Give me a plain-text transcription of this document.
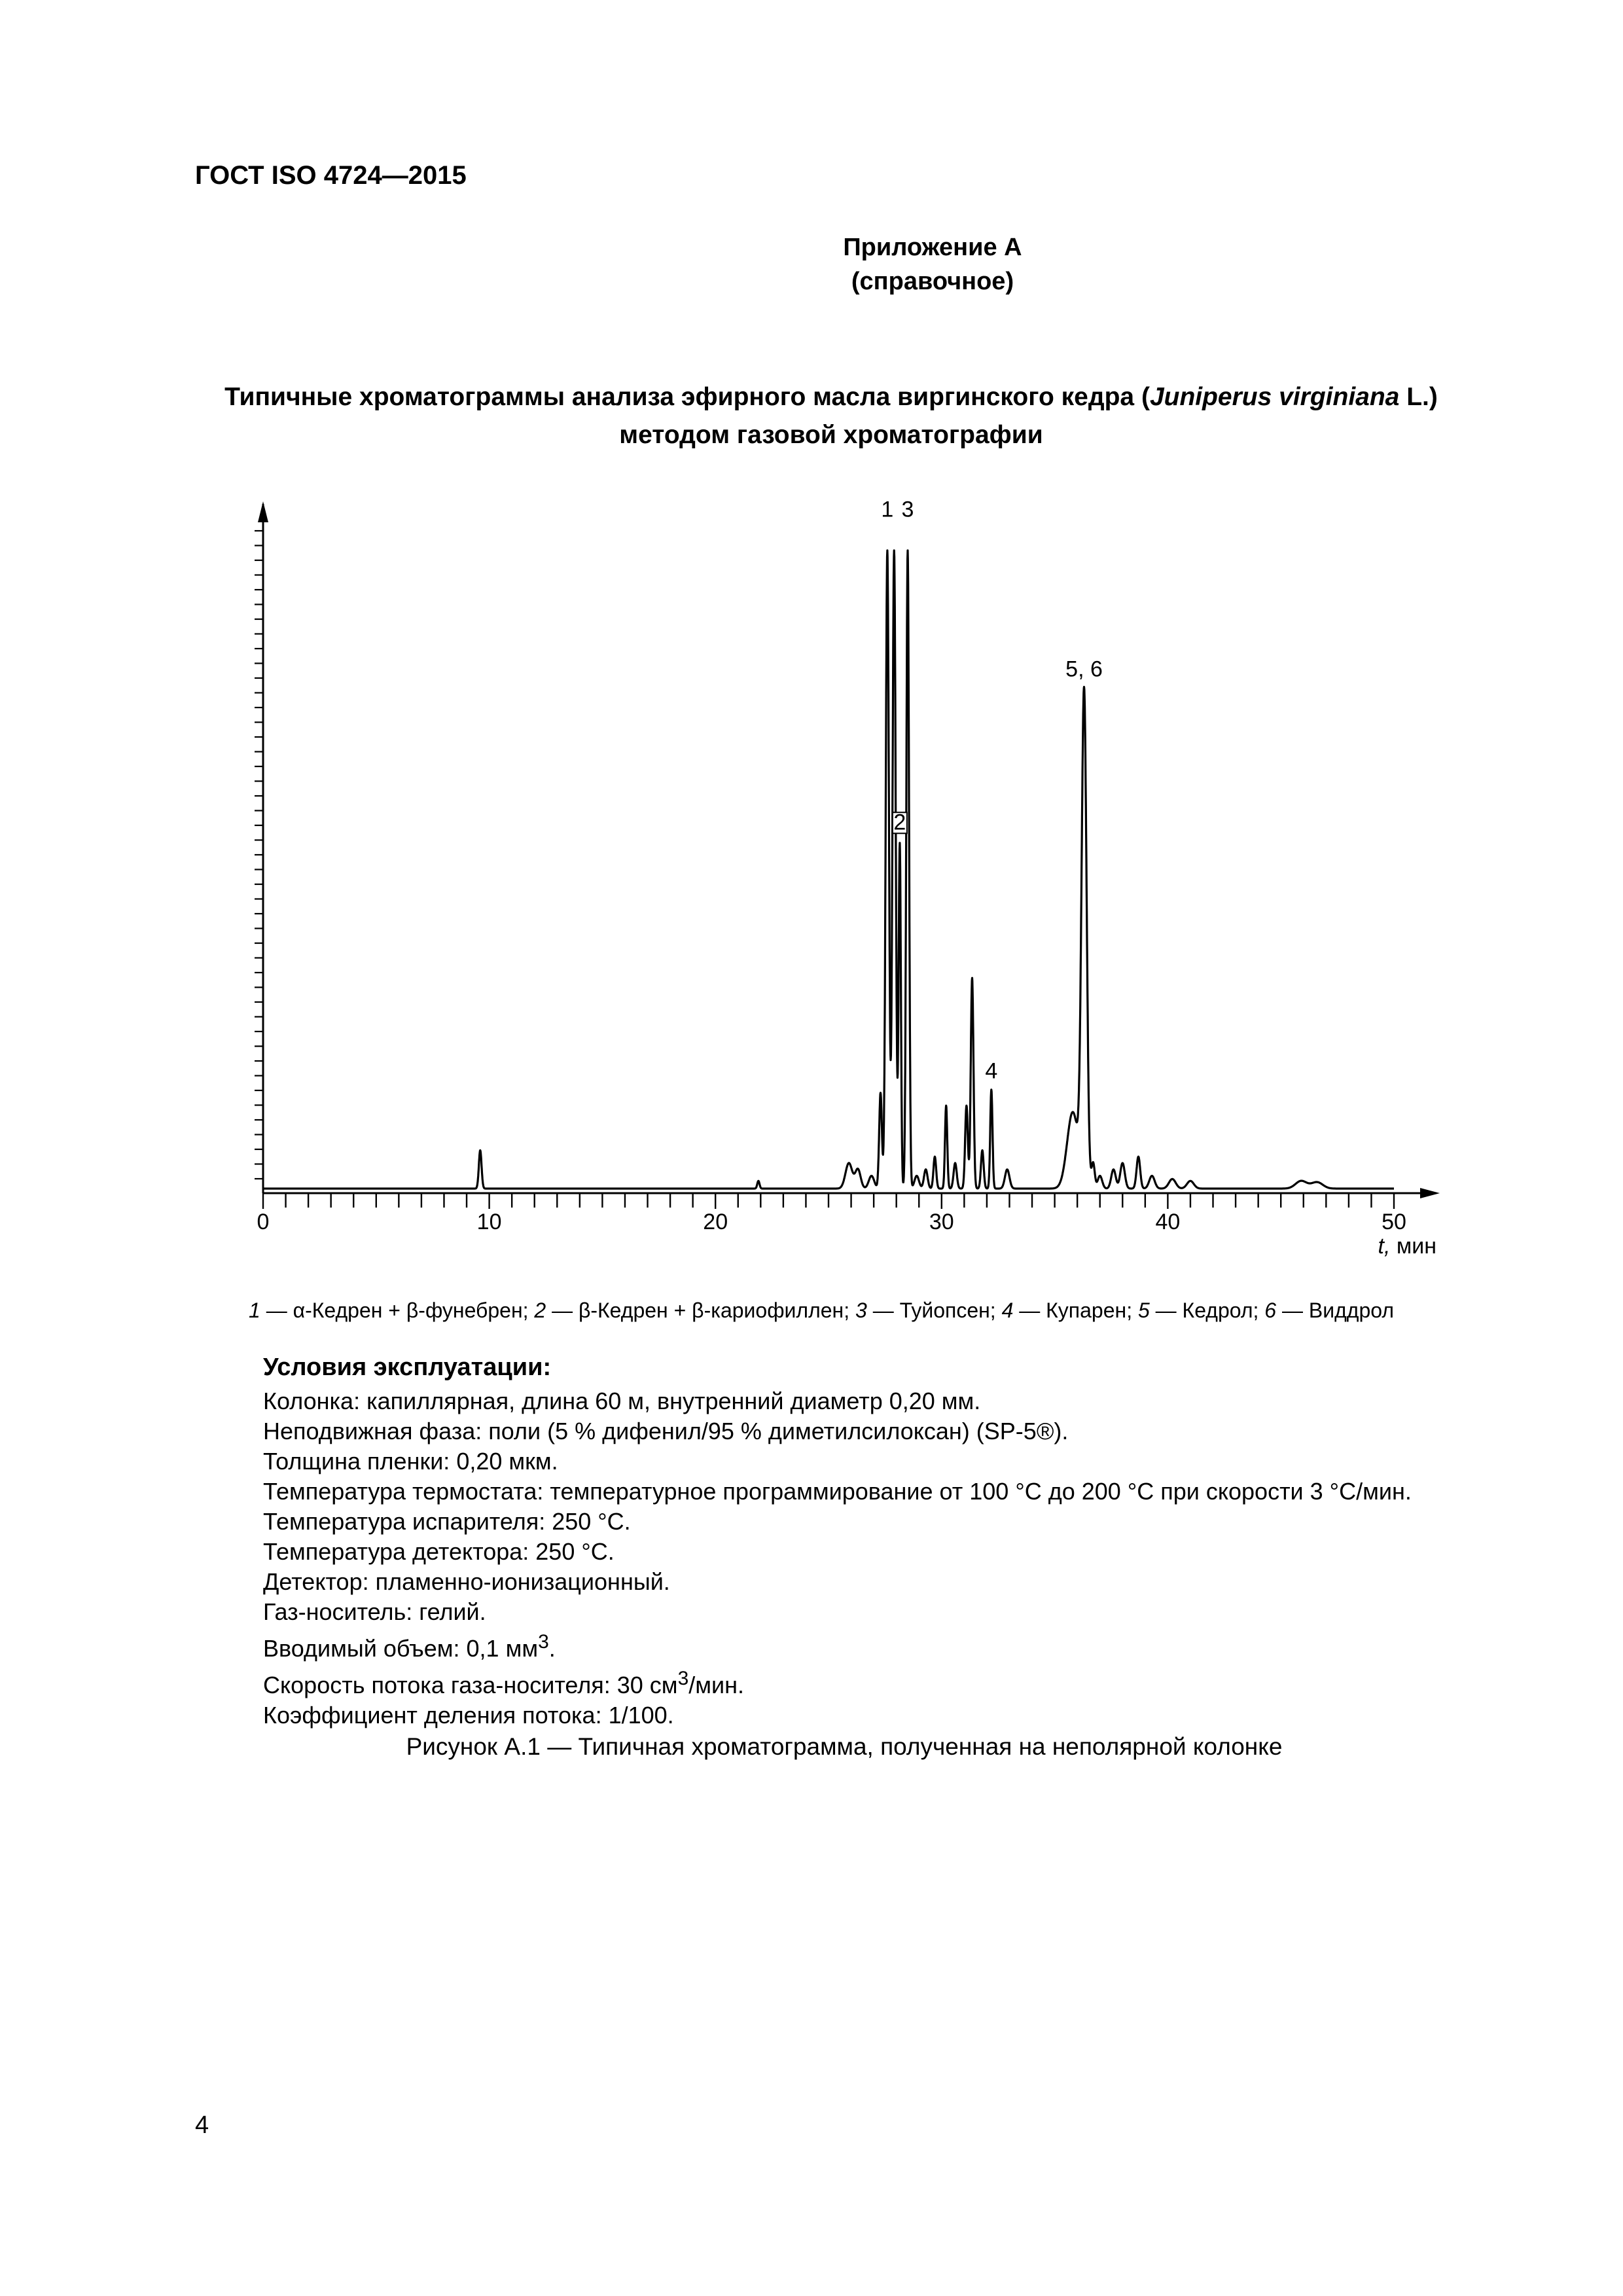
ГОСТ ISO 4724—2015
Приложение А
(справочное)
Типичные хроматограммы анализа эфирного масла виргинского кедра (Juniperus virginiana L.)
методом газовой хроматографии
0	10	20	30	40	50
t, мин
1 3
2
4
5, 6
1 — α-Кедрен + β-фунебрен; 2 — β-Кедрен + β-кариофиллен; 3 — Туйопсен; 4 — Купарен; 5 — Кедрол; 6 — Виддрол
Условия эксплуатации:
Колонка: капиллярная, длина 60 м, внутренний диаметр 0,20 мм.
Неподвижная фаза: поли (5 % дифенил/95 % диметилсилоксан) (SP-5®).
Толщина пленки: 0,20 мкм.
Температура термостата: температурное программирование от 100 °С до 200 °С при скорости 3 °С/мин.
Температура испарителя: 250 °С.
Температура детектора: 250 °С.
Детектор: пламенно-ионизационный.
Газ-носитель: гелий.
Вводимый объем: 0,1 $мм^3$.
Скорость потока газа-носителя: 30 $см^3$/мин.
Коэффициент деления потока: 1/100.
Рисунок А.1 — Типичная хроматограмма, полученная на неполярной колонке
4
